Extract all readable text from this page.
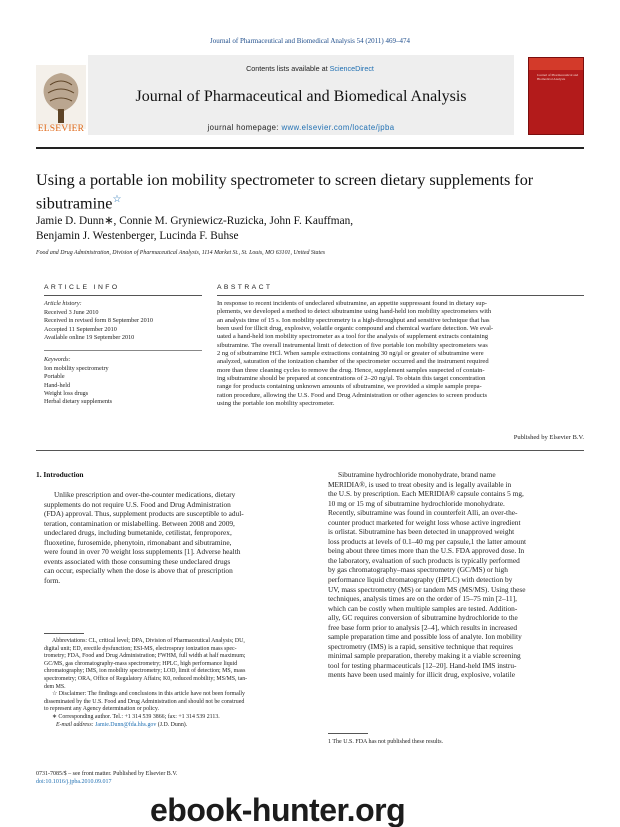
Journal of Pharmaceutical and Biomedical Analysis 54 (2011) 469–474
Contents lists available at ScienceDirect
Journal of Pharmaceutical and Biomedical Analysis
journal homepage: www.elsevier.com/locate/jpba
ELSEVIER
Journal of Pharmaceutical and Biomedical Analysis
Using a portable ion mobility spectrometer to screen dietary supplements for
sibutramine☆
Jamie D. Dunn∗, Connie M. Gryniewicz-Ruzicka, John F. Kauffman,
Benjamin J. Westenberger, Lucinda F. Buhse
Food and Drug Administration, Division of Pharmaceutical Analysis, 1114 Market St., St. Louis, MO 63101, United States
ARTICLE INFO	ABSTRACT
Article history:
Received 3 June 2010
Received in revised form 8 September 2010
Accepted 11 September 2010
Available online 19 September 2010
Keywords:
Ion mobility spectrometry
Portable
Hand-held
Weight loss drugs
Herbal dietary supplements
In response to recent incidents of undeclared sibutramine, an appetite suppressant found in dietary sup-
plements, we developed a method to detect sibutramine using hand-held ion mobility spectrometers with
an analysis time of 15 s. Ion mobility spectrometry is a high-throughput and sensitive technique that has
been used for illicit drug, explosive, volatile organic compound and chemical warfare detection. We eval-
uated a hand-held ion mobility spectrometer as a tool for the analysis of supplement extracts containing
sibutramine. The overall instrumental limit of detection of five portable ion mobility spectrometers was
2 ng of sibutramine HCl. When sample extractions containing 30 ng/μl or greater of sibutramine were
analyzed, saturation of the ionization chamber of the spectrometer occurred and the instrument required
more than three cleaning cycles to remove the drug. Hence, supplement samples suspected of contain-
ing sibutramine should be prepared at concentrations of 2–20 ng/μl. To obtain this target concentration
range for products containing unknown amounts of sibutramine, we provided a simple sample prepa-
ration procedure, allowing the U.S. Food and Drug Administration or other agencies to screen products
using the portable ion mobility spectrometer.
Published by Elsevier B.V.
1. Introduction
Unlike prescription and over-the-counter medications, dietary
supplements do not require U.S. Food and Drug Administration
(FDA) approval. Thus, supplement products are susceptible to adul-
teration, contamination or mislabelling. Between 2008 and 2009,
undeclared drugs, including bumetanide, cetilistat, fenproporex,
fluoxetine, furosemide, phenytoin, rimonabant and sibutramine,
were found in over 70 weight loss supplements [1]. Adverse health
events associated with those consuming these undeclared drugs
can occur, especially when the dose is above that of prescription
form.
Sibutramine hydrochloride monohydrate, brand name
MERIDIA®, is used to treat obesity and is legally available in
the U.S. by prescription. Each MERIDIA® capsule contains 5 mg,
10 mg or 15 mg of sibutramine hydrochloride monohydrate.
Recently, sibutramine was found in counterfeit Alli, an over-the-
counter product marketed for weight loss whose active ingredient
is orlistat. Sibutramine has been detected in unapproved weight
loss products at levels of 0.1–40 mg per capsule,1 the latter amount
being about three times more than the U.S. FDA approved dose. In
the laboratory, evaluation of such products is typically performed
by gas chromatography–mass spectrometry (GC/MS) or high
performance liquid chromatography (HPLC) with detection by
UV, mass spectrometry (MS) or tandem MS (MS/MS). Using these
techniques, analysis times are on the order of 15–75 min [2–11],
which can be costly when multiple samples are tested. Addition-
ally, GC requires conversion of sibutramine hydrochloride to the
free base form prior to analysis [2–4], which results in increased
sample preparation time and possible loss of analyte. Ion mobility
spectrometry (IMS) is a rapid, sensitive technique that requires
minimal sample preparation, thereby making it a viable screening
tool for testing pharmaceuticals [12–20]. Hand-held IMS instru-
ments have been used mainly for illicit drug, explosive, volatile
Abbreviations: CL, critical level; DPA, Division of Pharmaceutical Analysis; DU,
digital unit; ED, erectile dysfunction; ESI-MS, electrospray ionization mass spec-
trometry; FDA, Food and Drug Administration; FWHM, full width at half maximum;
GC/MS, gas chromatography-mass spectrometry; HPLC, high performance liquid
chromatography; IMS, ion mobility spectrometry; LOD, limit of detection; MS, mass
spectrometry; ORA, Office of Regulatory Affairs; K0, reduced mobility; MS/MS, tan-
dem MS.
☆ Disclaimer: The findings and conclusions in this article have not been formally
disseminated by the U.S. Food and Drug Administration and should not be construed
to represent any Agency determination or policy.
∗ Corresponding author. Tel.: +1 314 539 3866; fax: +1 314 539 2113.
E-mail address: Jamie.Dunn@fda.hhs.gov (J.D. Dunn).
1 The U.S. FDA has not published these results.
0731-7085/$ – see front matter. Published by Elsevier B.V.
doi:10.1016/j.jpba.2010.09.017
ebook-hunter.org
